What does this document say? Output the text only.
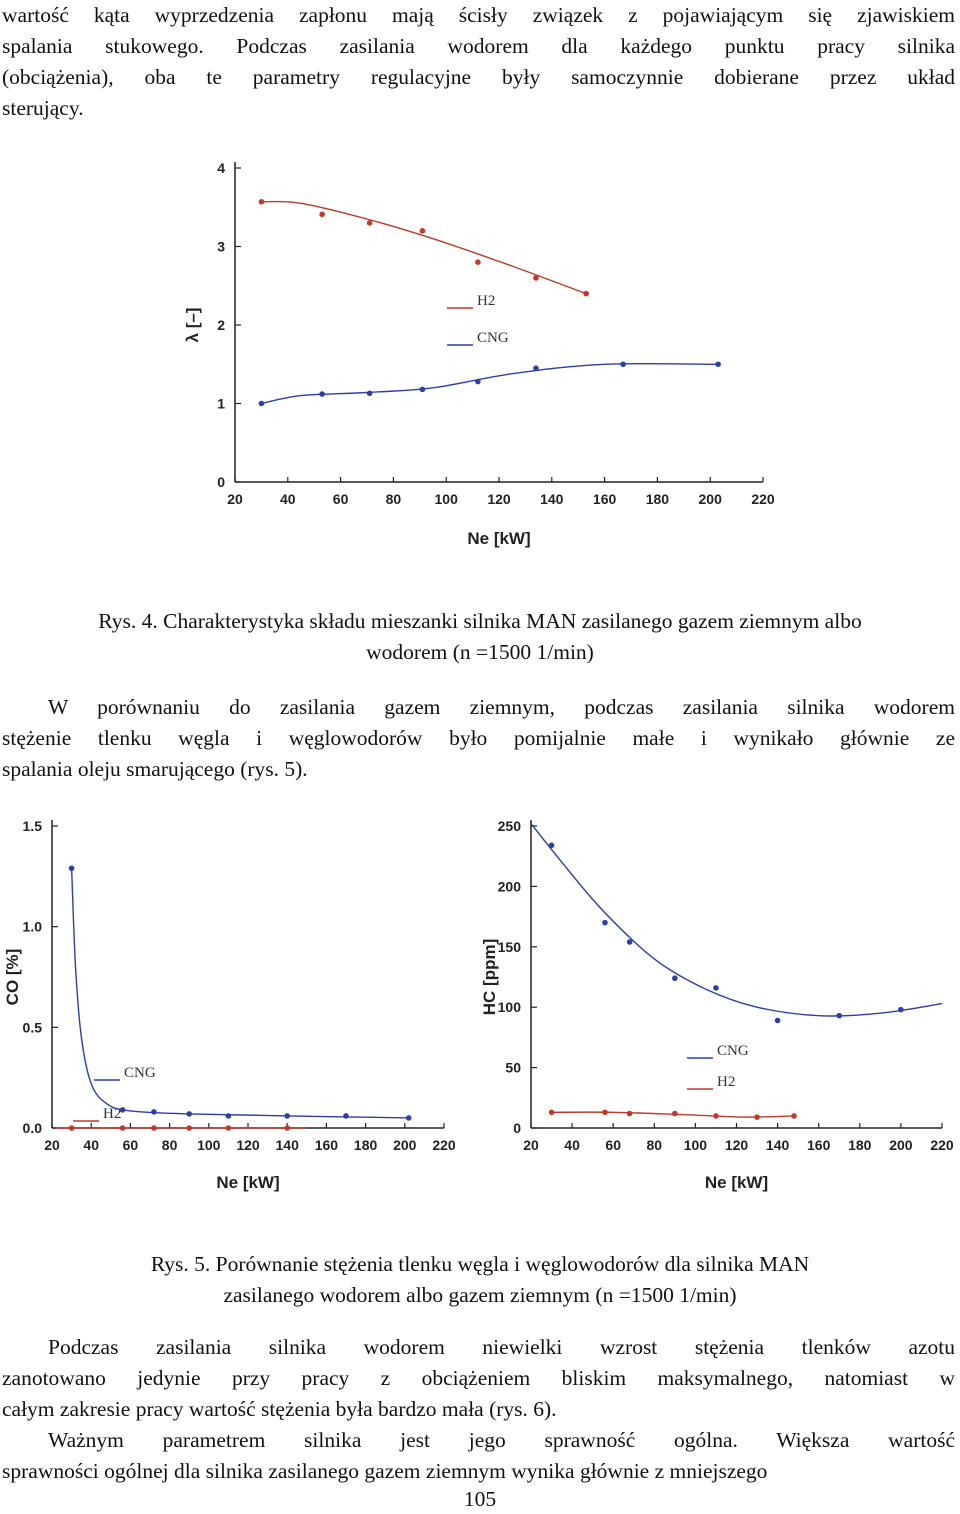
wartość kąta wyprzedzenia zapłonu mają ścisły związek z pojawiającym się zjawiskiem
spalania stukowego. Podczas zasilania wodorem dla każdego punktu pracy silnika
(obciążenia), oba te parametry regulacyjne były samoczynnie dobierane przez układ
sterujący.
20	40	60	80 100 120 140 160 180 200 220
0
1
2
3
4
Ne [kW]
λ [–]
H2
CNG
Rys. 4. Charakterystyka składu mieszanki silnika MAN zasilanego gazem ziemnym albo
wodorem (n =1500 1/min)
W porównaniu do zasilania gazem ziemnym, podczas zasilania silnika wodorem
stężenie tlenku węgla i węglowodorów było pomijalnie małe i wynikało głównie ze
spalania oleju smarującego (rys. 5).
20 40 60 80 100 120 140 160 180 200 220
0.0
0.5
1.0
1.5
Ne [kW]
CO [%]
CNG
H2
20 40 60 80 100 120 140 160 180 200 220
0
50
100
150
200
250
Ne [kW]
HC [ppm]
CNG
H2
Rys. 5. Porównanie stężenia tlenku węgla i węglowodorów dla silnika MAN
zasilanego wodorem albo gazem ziemnym (n =1500 1/min)
Podczas zasilania silnika wodorem niewielki wzrost stężenia tlenków azotu
zanotowano jedynie przy pracy z obciążeniem bliskim maksymalnego, natomiast w
całym zakresie pracy wartość stężenia była bardzo mała (rys. 6).
Ważnym parametrem silnika jest jego sprawność ogólna. Większa wartość
sprawności ogólnej dla silnika zasilanego gazem ziemnym wynika głównie z mniejszego
105
